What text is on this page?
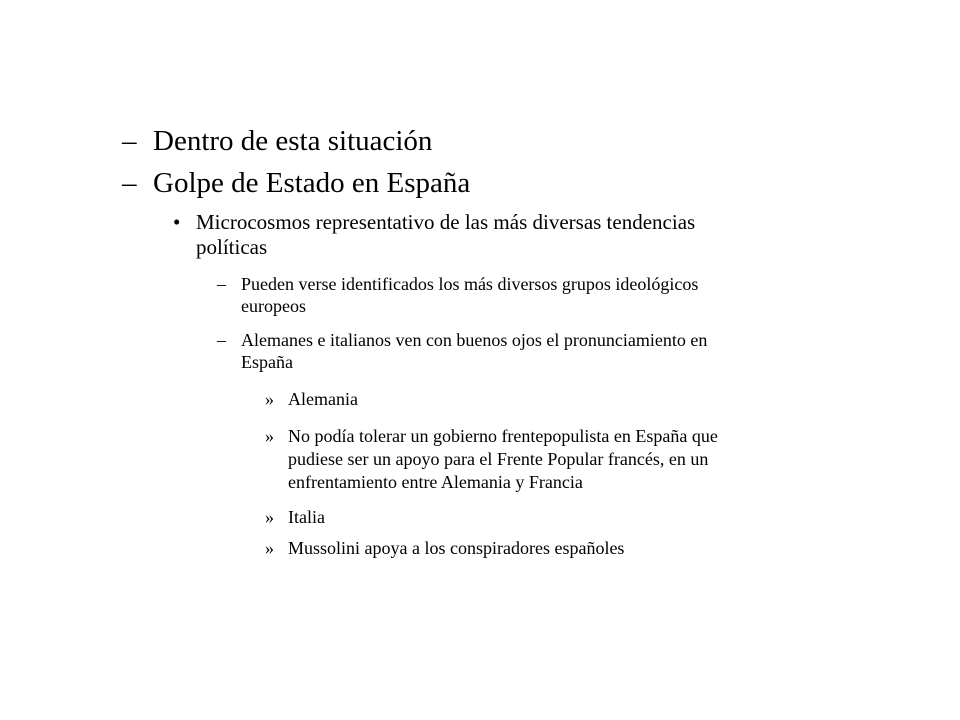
– Dentro de esta situación
– Golpe de Estado en España
• Microcosmos representativo de las más diversas tendencias
políticas
– Pueden verse identificados los más diversos grupos ideológicos
europeos
– Alemanes e italianos ven con buenos ojos el pronunciamiento en
España
» Alemania
» No podía tolerar un gobierno frentepopulista en España que
pudiese ser un apoyo para el Frente Popular francés, en un
enfrentamiento entre Alemania y Francia
» Italia
» Mussolini apoya a los conspiradores españoles
